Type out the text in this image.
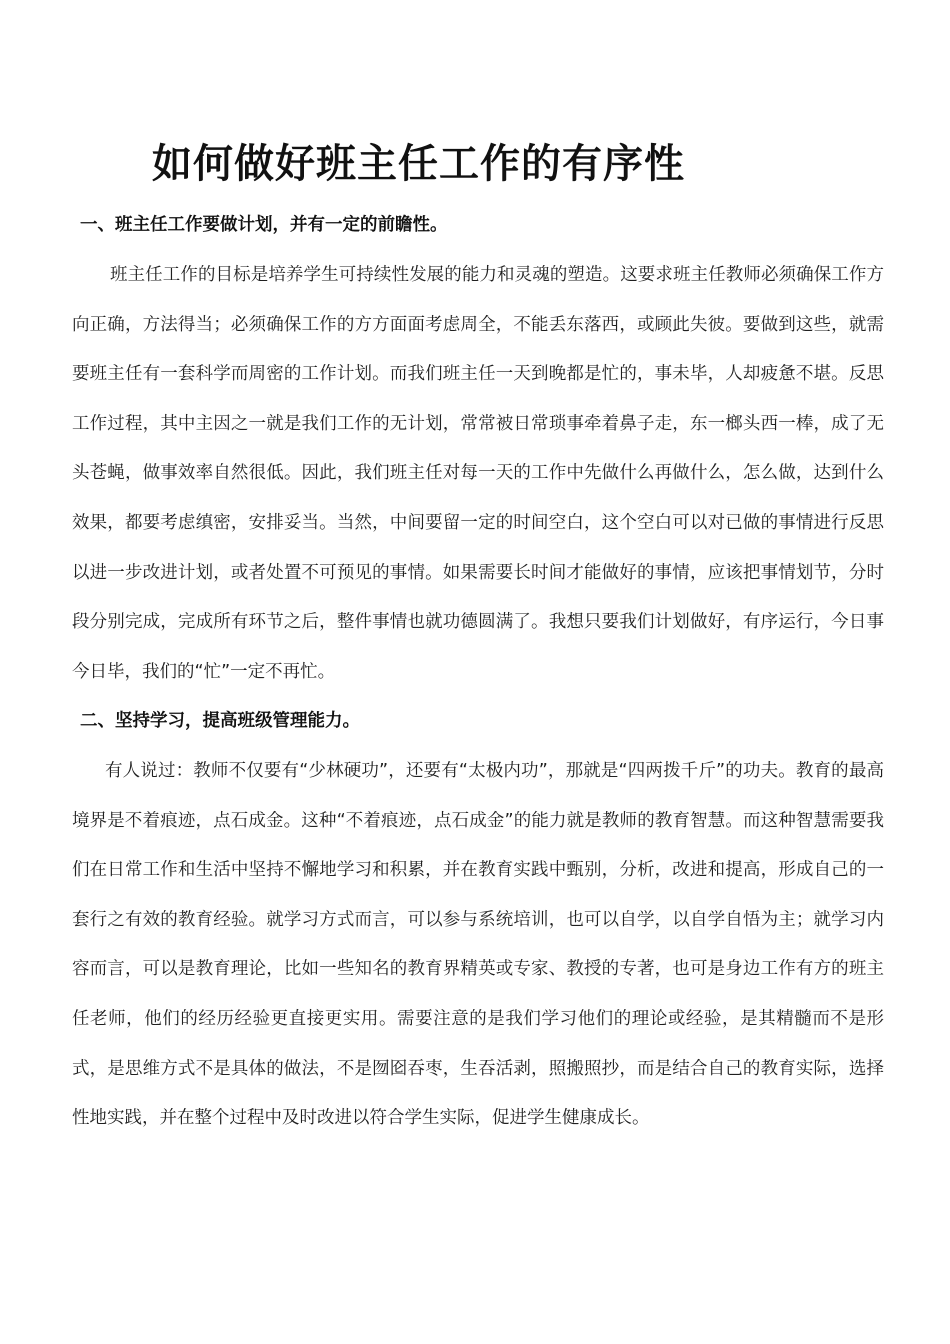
如何做好班主任工作的有序性
一、班主任工作要做计划，并有一定的前瞻性。

班主任工作的目标是培养学生可持续性发展的能力和灵魂的塑造。这要求班主任教师必须确保工作方向正确，方法得当；必须确保工作的方方面面考虑周全，不能丢东落西，或顾此失彼。要做到这些，就需要班主任有一套科学而周密的工作计划。而我们班主任一天到晚都是忙的，事未毕，人却疲惫不堪。反思工作过程，其中主因之一就是我们工作的无计划，常常被日常琐事牵着鼻子走，东一榔头西一棒，成了无头苍蝇，做事效率自然很低。因此，我们班主任对每一天的工作中先做什么再做什么，怎么做，达到什么效果，都要考虑缜密，安排妥当。当然，中间要留一定的时间空白，这个空白可以对已做的事情进行反思以进一步改进计划，或者处置不可预见的事情。如果需要长时间才能做好的事情，应该把事情划节，分时段分别完成，完成所有环节之后，整件事情也就功德圆满了。我想只要我们计划做好，有序运行，今日事今日毕，我们的“忙”一定不再忙。

二、坚持学习，提高班级管理能力。

有人说过：教师不仅要有“少林硬功”，还要有“太极内功”，那就是“四两拨千斤”的功夫。教育的最高境界是不着痕迹，点石成金。这种“不着痕迹，点石成金”的能力就是教师的教育智慧。而这种智慧需要我们在日常工作和生活中坚持不懈地学习和积累，并在教育实践中甄别，分析，改进和提高，形成自己的一套行之有效的教育经验。就学习方式而言，可以参与系统培训，也可以自学，以自学自悟为主；就学习内容而言，可以是教育理论，比如一些知名的教育界精英或专家、教授的专著，也可是身边工作有方的班主任老师，他们的经历经验更直接更实用。需要注意的是我们学习他们的理论或经验，是其精髓而不是形式，是思维方式不是具体的做法，不是囫囵吞枣，生吞活剥，照搬照抄，而是结合自己的教育实际，选择性地实践，并在整个过程中及时改进以符合学生实际，促进学生健康成长。
